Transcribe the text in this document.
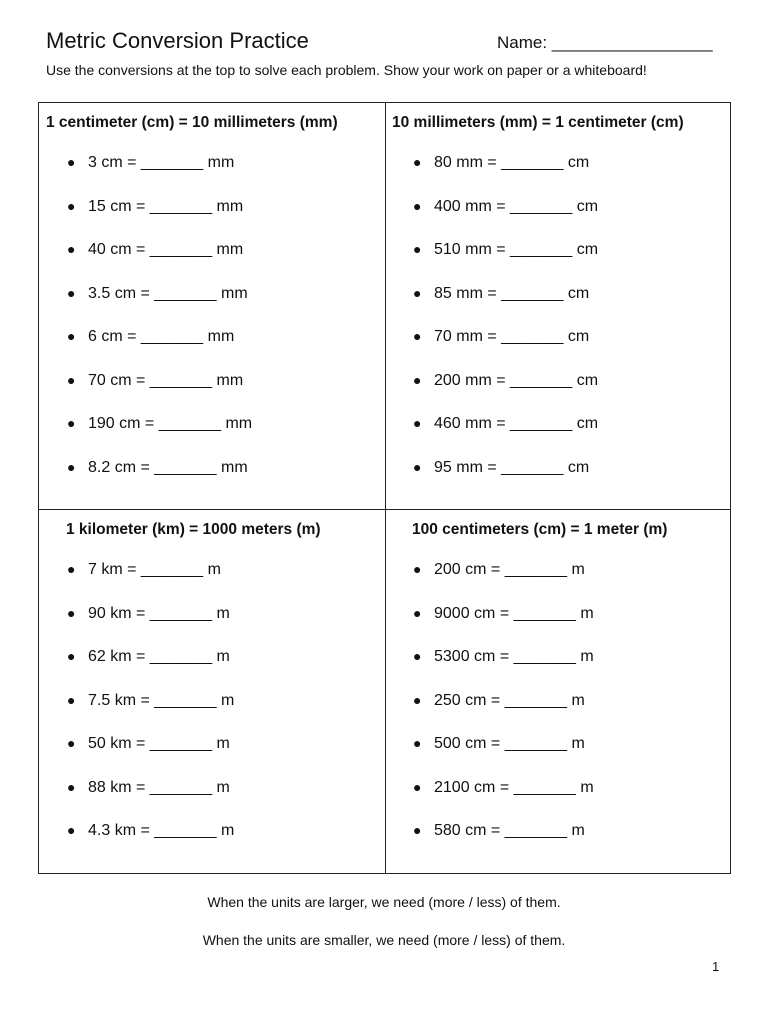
Metric Conversion Practice	Name: _________________
Use the conversions at the top to solve each problem. Show your work on paper or a whiteboard!
1 centimeter (cm) = 10 millimeters (mm)
● 3 cm = _______ mm
● 15 cm = _______ mm
● 40 cm = _______ mm
● 3.5 cm = _______ mm
● 6 cm = _______ mm
● 70 cm = _______ mm
● 190 cm = _______ mm
● 8.2 cm = _______ mm
10 millimeters (mm) = 1 centimeter (cm)
● 80 mm = _______ cm
● 400 mm = _______ cm
● 510 mm = _______ cm
● 85 mm = _______ cm
● 70 mm = _______ cm
● 200 mm = _______ cm
● 460 mm = _______ cm
● 95 mm = _______ cm
1 kilometer (km) = 1000 meters (m)
● 7 km = _______ m
● 90 km = _______ m
● 62 km = _______ m
● 7.5 km = _______ m
● 50 km = _______ m
● 88 km = _______ m
● 4.3 km = _______ m
100 centimeters (cm) = 1 meter (m)
● 200 cm = _______ m
● 9000 cm = _______ m
● 5300 cm = _______ m
● 250 cm = _______ m
● 500 cm = _______ m
● 2100 cm = _______ m
● 580 cm = _______ m
When the units are larger, we need (more / less) of them.
When the units are smaller, we need (more / less) of them.
1
